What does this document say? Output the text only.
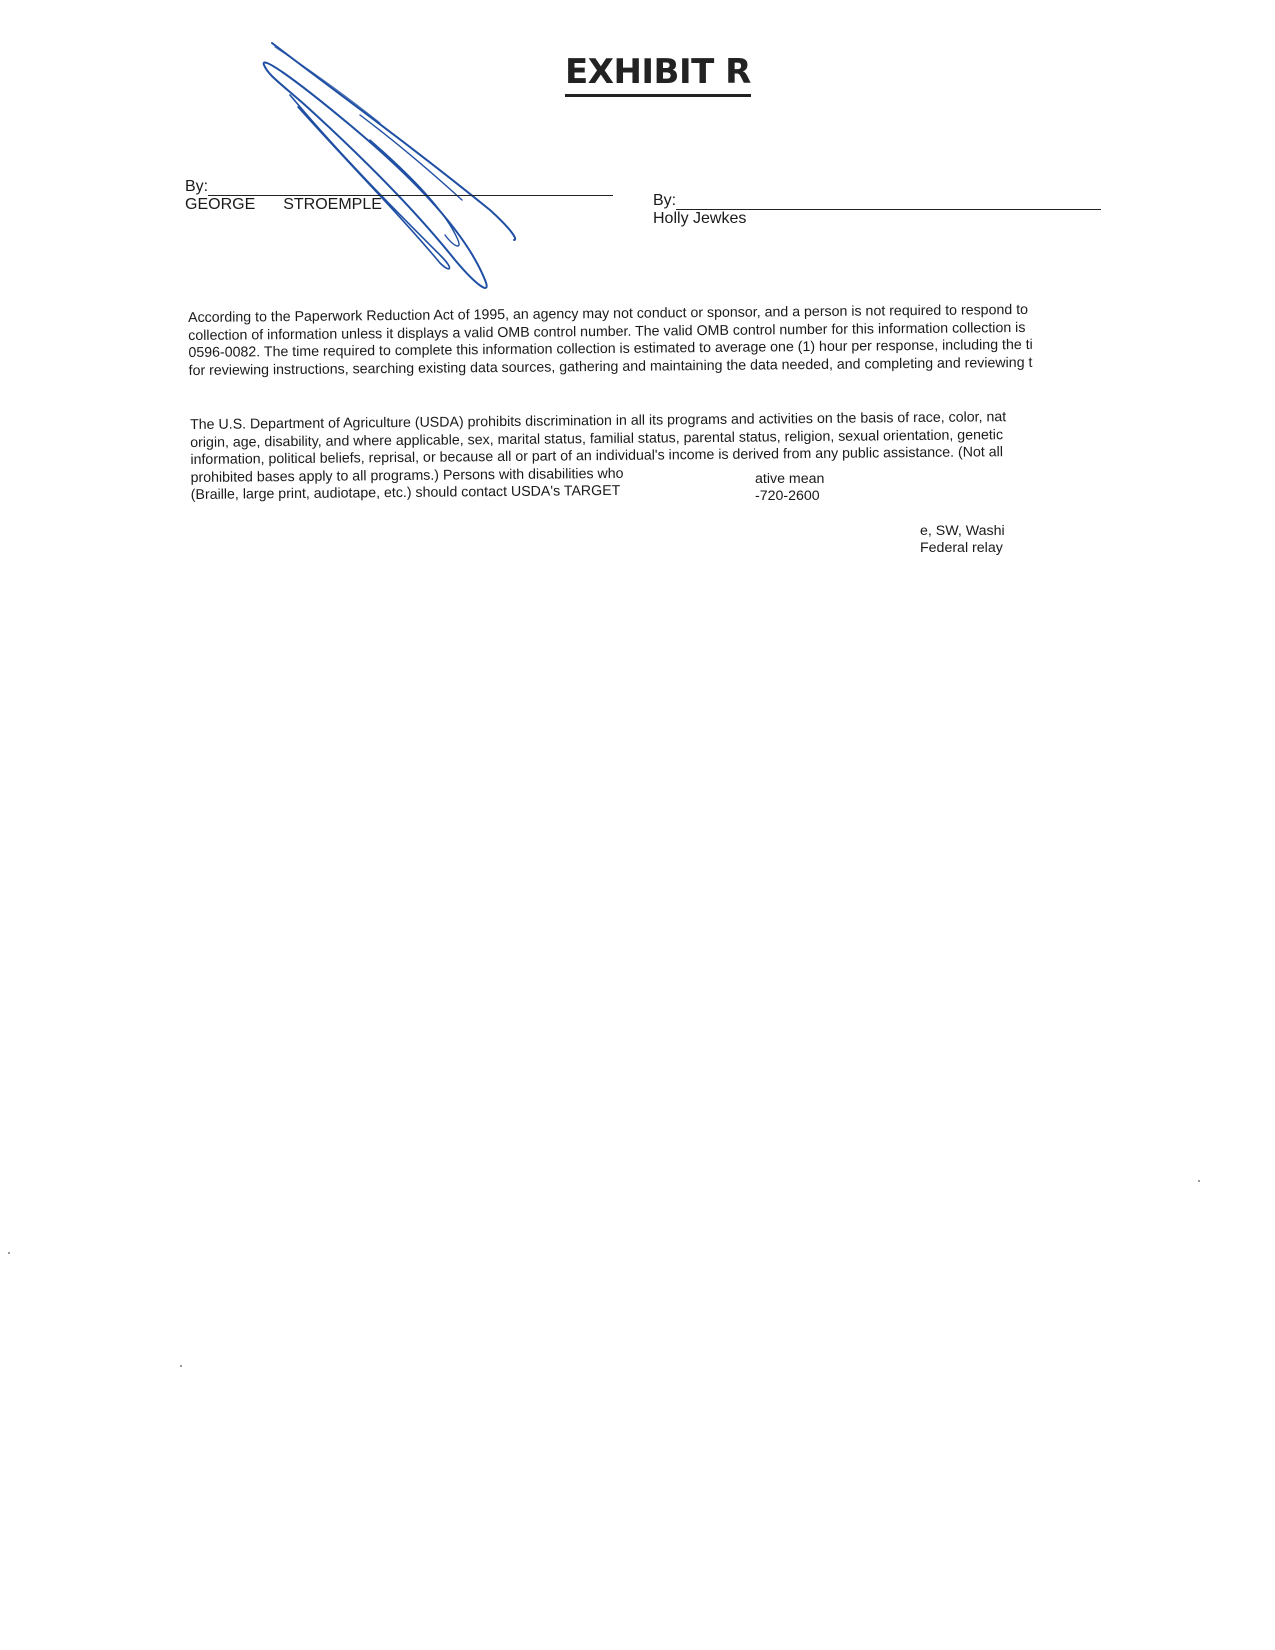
EXHIBIT R
By:
GEORGE STROEMPLE	By:
Holly Jewkes
According to the Paperwork Reduction Act of 1995, an agency may not conduct or sponsor, and a person is not required to respond to
collection of information unless it displays a valid OMB control number. The valid OMB control number for this information collection is
0596-0082. The time required to complete this information collection is estimated to average one (1) hour per response, including the ti
for reviewing instructions, searching existing data sources, gathering and maintaining the data needed, and completing and reviewing t
The U.S. Department of Agriculture (USDA) prohibits discrimination in all its programs and activities on the basis of race, color, nat
origin, age, disability, and where applicable, sex, marital status, familial status, parental status, religion, sexual orientation, genetic
information, political beliefs, reprisal, or because all or part of an individual's income is derived from any public assistance. (Not all
prohibited bases apply to all programs.) Persons with disabilities who
(Braille, large print, audiotape, etc.) should contact USDA's TARGET
ative mean
-720-2600
e, SW, Washi
Federal relay
